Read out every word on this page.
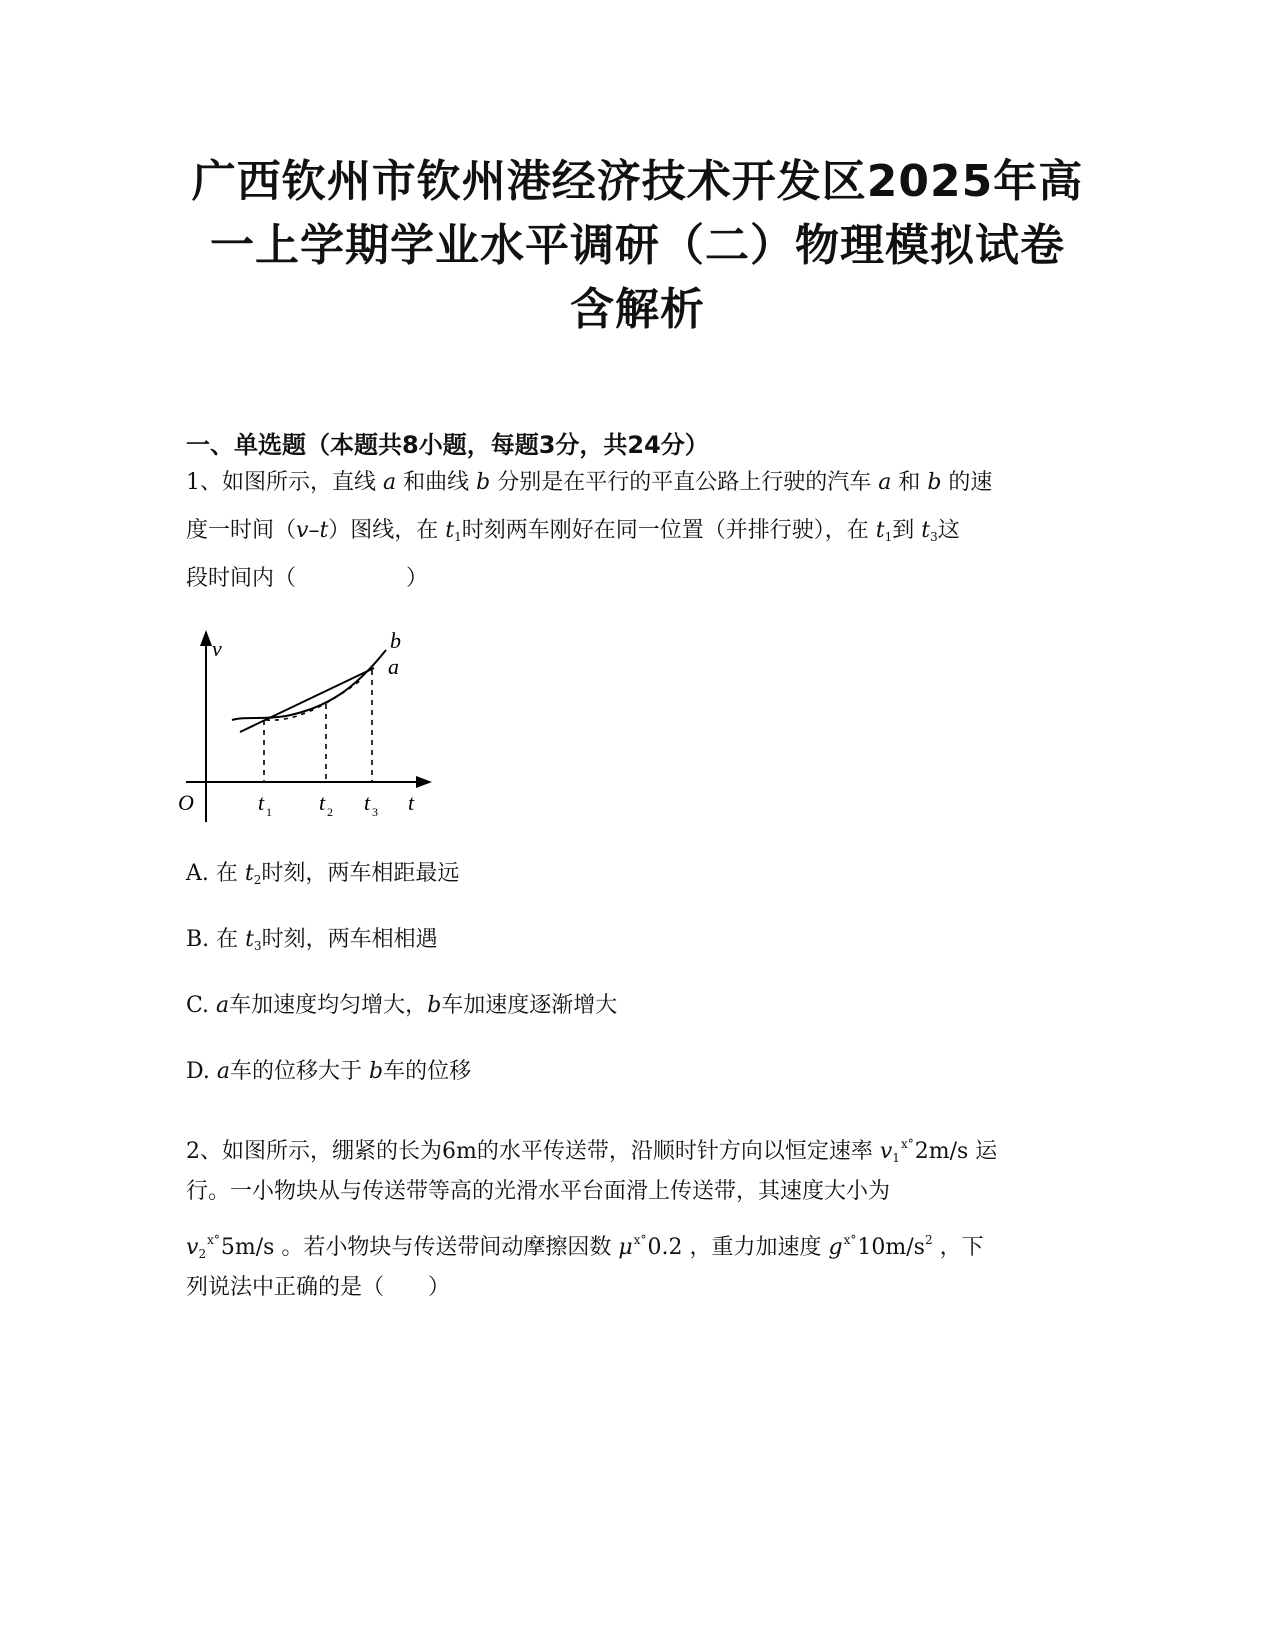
广西钦州市钦州港经济技术开发区2025年高
一上学期学业水平调研（二）物理模拟试卷
含解析
一、单选题（本题共8小题，每题3分，共24分）
1、如图所示，直线 a 和曲线 b 分别是在平行的平直公路上行驶的汽车 a 和 b 的速
度一时间（v–t）图线，在 $t_1$时刻两车刚好在同一位置（并排行驶），在 $t_1$到 $t_3$这
段时间内（　　　　　）
v	b
a
O	t
t 1 t 2 t 3
A. 在 $t_2$时刻，两车相距最远
B. 在 $t_3$时刻，两车相相遇
C. a车加速度均匀增大，b车加速度逐渐增大
D. a车的位移大于 b车的位移
2、如图所示，绷紧的长为6m的水平传送带，沿顺时针方向以恒定速率 $v_1^{x^\circ}2m/s$ 运
行。一小物块从与传送带等高的光滑水平台面滑上传送带，其速度大小为
$v_2^{x^\circ}5m/s$ 。若小物块与传送带间动摩擦因数 $\mu^{x^\circ}0.2$ ，重力加速度 $g^{x^\circ}10m/s^2$ ，下
列说法中正确的是（　　）
